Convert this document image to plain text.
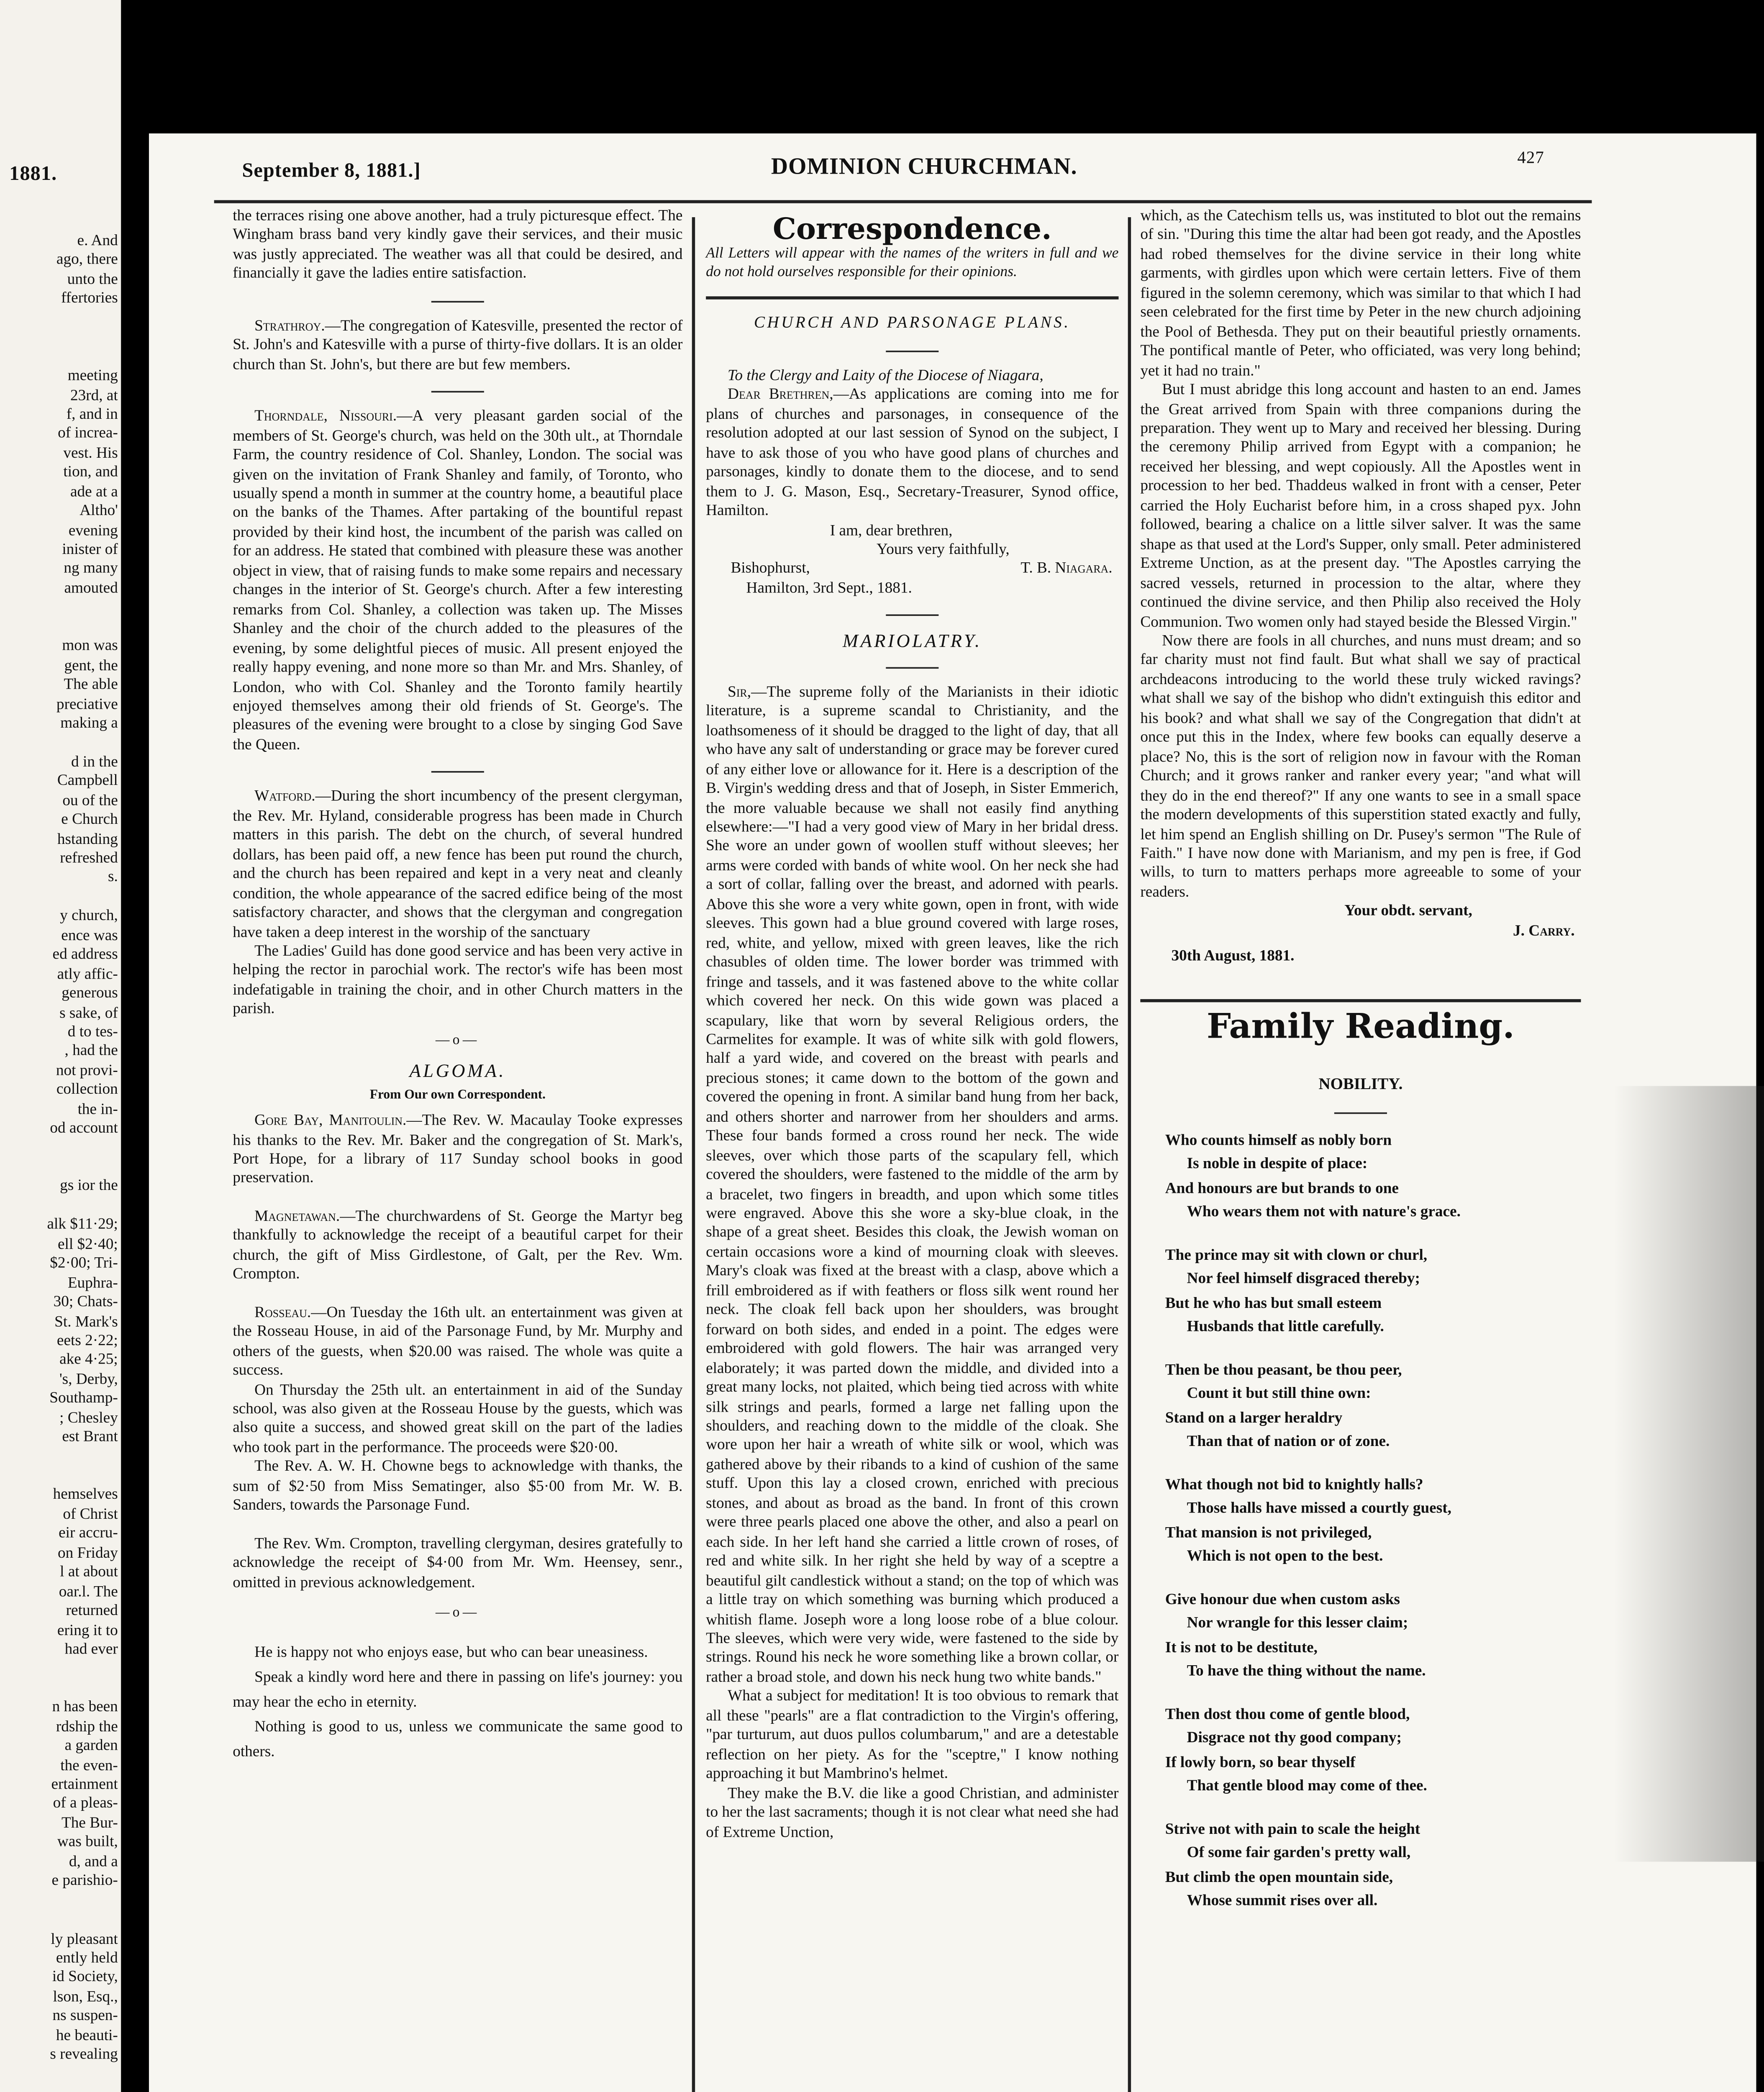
1881.
e. And
ago, there
unto the
ffertories
meeting
23rd, at
f, and in
of increa-
vest. His
tion, and
ade at a
Altho'
evening
inister of
ng many
amouted
mon was
gent, the
The able
preciative
making a
d in the
Campbell
ou of the
e Church
hstanding
refreshed
s.
y church,
ence was
ed address
atly affic-
generous
s sake, of
d to tes-
, had the
not provi-
collection
the in-
od account
gs ior the
alk $11·29;
ell $2·40;
$2·00; Tri-
Euphra-
30; Chats-
St. Mark's
eets 2·22;
ake 4·25;
's, Derby,
Southamp-
; Chesley
est Brant
hemselves
of Christ
eir accru-
on Friday
l at about
oar.l. The
returned
ering it to
had ever
n has been
rdship the
a garden
the even-
ertainment
of a pleas-
The Bur-
was built,
d, and a
e parishio-
ly pleasant
ently held
id Society,
lson, Esq.,
ns suspen-
he beauti-
s revealing
September 8, 1881.]	DOMINION CHURCHMAN.	427

the terraces rising one above another, had a truly picturesque effect. The Wingham brass band very kindly gave their services, and their music was justly appreciated. The weather was all that could be desired, and financially it gave the ladies entire satisfaction.

Strathroy.—The congregation of Katesville, presented the rector of St. John's and Katesville with a purse of thirty-five dollars. It is an older church than St. John's, but there are but few members.

Thorndale, Nissouri.—A very pleasant garden social of the members of St. George's church, was held on the 30th ult., at Thorndale Farm, the country residence of Col. Shanley, London. The social was given on the invitation of Frank Shanley and family, of Toronto, who usually spend a month in summer at the country home, a beautiful place on the banks of the Thames. After partaking of the bountiful repast provided by their kind host, the incumbent of the parish was called on for an address. He stated that combined with pleasure these was another object in view, that of raising funds to make some repairs and necessary changes in the interior of St. George's church. After a few interesting remarks from Col. Shanley, a collection was taken up. The Misses Shanley and the choir of the church added to the pleasures of the evening, by some delightful pieces of music. All present enjoyed the really happy evening, and none more so than Mr. and Mrs. Shanley, of London, who with Col. Shanley and the Toronto family heartily enjoyed themselves among their old friends of St. George's. The pleasures of the evening were brought to a close by singing God Save the Queen.

Watford.—During the short incumbency of the present clergyman, the Rev. Mr. Hyland, considerable progress has been made in Church matters in this parish. The debt on the church, of several hundred dollars, has been paid off, a new fence has been put round the church, and the church has been repaired and kept in a very neat and cleanly condition, the whole appearance of the sacred edifice being of the most satisfactory character, and shows that the clergyman and congregation have taken a deep interest in the worship of the sanctuary

The Ladies' Guild has done good service and has been very active in helping the rector in parochial work. The rector's wife has been most indefatigable in training the choir, and in other Church matters in the parish.

—o—
ALGOMA.
From Our own Correspondent.

Gore Bay, Manitoulin.—The Rev. W. Macaulay Tooke expresses his thanks to the Rev. Mr. Baker and the congregation of St. Mark's, Port Hope, for a library of 117 Sunday school books in good preservation.

Magnetawan.—The churchwardens of St. George the Martyr beg thankfully to acknowledge the receipt of a beautiful carpet for their church, the gift of Miss Girdlestone, of Galt, per the Rev. Wm. Crompton.

Rosseau.—On Tuesday the 16th ult. an entertainment was given at the Rosseau House, in aid of the Parsonage Fund, by Mr. Murphy and others of the guests, when $20.00 was raised. The whole was quite a success.

On Thursday the 25th ult. an entertainment in aid of the Sunday school, was also given at the Rosseau House by the guests, which was also quite a success, and showed great skill on the part of the ladies who took part in the performance. The proceeds were $20·00.

The Rev. A. W. H. Chowne begs to acknowledge with thanks, the sum of $2·50 from Miss Sematinger, also $5·00 from Mr. W. B. Sanders, towards the Parsonage Fund.

The Rev. Wm. Crompton, travelling clergyman, desires gratefully to acknowledge the receipt of $4·00 from Mr. Wm. Heensey, senr., omitted in previous acknowledgement.

—o—

He is happy not who enjoys ease, but who can bear uneasiness.

Speak a kindly word here and there in passing on life's journey: you may hear the echo in eternity.

Nothing is good to us, unless we communicate the same good to others.

Correspondence.

All Letters will appear with the names of the writers in full and we do not hold ourselves responsible for their opinions.

CHURCH AND PARSONAGE PLANS.

To the Clergy and Laity of the Diocese of Niagara,

Dear Brethren,—As applications are coming into me for plans of churches and parsonages, in consequence of the resolution adopted at our last session of Synod on the subject, I have to ask those of you who have good plans of churches and parsonages, kindly to donate them to the diocese, and to send them to J. G. Mason, Esq., Secretary-Treasurer, Synod office, Hamilton.

I am, dear brethren,
Yours very faithfully,
Bishophurst,	T. B. Niagara.
Hamilton, 3rd Sept., 1881.
MARIOLATRY.

Sir,—The supreme folly of the Marianists in their idiotic literature, is a supreme scandal to Christianity, and the loathsomeness of it should be dragged to the light of day, that all who have any salt of understanding or grace may be forever cured of any either love or allowance for it. Here is a description of the B. Virgin's wedding dress and that of Joseph, in Sister Emmerich, the more valuable because we shall not easily find anything elsewhere:—"I had a very good view of Mary in her bridal dress. She wore an under gown of woollen stuff without sleeves; her arms were corded with bands of white wool. On her neck she had a sort of collar, falling over the breast, and adorned with pearls. Above this she wore a very white gown, open in front, with wide sleeves. This gown had a blue ground covered with large roses, red, white, and yellow, mixed with green leaves, like the rich chasubles of olden time. The lower border was trimmed with fringe and tassels, and it was fastened above to the white collar which covered her neck. On this wide gown was placed a scapulary, like that worn by several Religious orders, the Carmelites for example. It was of white silk with gold flowers, half a yard wide, and covered on the breast with pearls and precious stones; it came down to the bottom of the gown and covered the opening in front. A similar band hung from her back, and others shorter and narrower from her shoulders and arms. These four bands formed a cross round her neck. The wide sleeves, over which those parts of the scapulary fell, which covered the shoulders, were fastened to the middle of the arm by a bracelet, two fingers in breadth, and upon which some titles were engraved. Above this she wore a sky-blue cloak, in the shape of a great sheet. Besides this cloak, the Jewish woman on certain occasions wore a kind of mourning cloak with sleeves. Mary's cloak was fixed at the breast with a clasp, above which a frill embroidered as if with feathers or floss silk went round her neck. The cloak fell back upon her shoulders, was brought forward on both sides, and ended in a point. The edges were embroidered with gold flowers. The hair was arranged very elaborately; it was parted down the middle, and divided into a great many locks, not plaited, which being tied across with white silk strings and pearls, formed a large net falling upon the shoulders, and reaching down to the middle of the cloak. She wore upon her hair a wreath of white silk or wool, which was gathered above by their ribands to a kind of cushion of the same stuff. Upon this lay a closed crown, enriched with precious stones, and about as broad as the band. In front of this crown were three pearls placed one above the other, and also a pearl on each side. In her left hand she carried a little crown of roses, of red and white silk. In her right she held by way of a sceptre a beautiful gilt candlestick without a stand; on the top of which was a little tray on which something was burning which produced a whitish flame. Joseph wore a long loose robe of a blue colour. The sleeves, which were very wide, were fastened to the side by strings. Round his neck he wore something like a brown collar, or rather a broad stole, and down his neck hung two white bands."

What a subject for meditation! It is too obvious to remark that all these "pearls" are a flat contradiction to the Virgin's offering, "par turturum, aut duos pullos columbarum," and are a detestable reflection on her piety. As for the "sceptre," I know nothing approaching it but Mambrino's helmet.

They make the B.V. die like a good Christian, and administer to her the last sacraments; though it is not clear what need she had of Extreme Unction,

which, as the Catechism tells us, was instituted to blot out the remains of sin. "During this time the altar had been got ready, and the Apostles had robed themselves for the divine service in their long white garments, with girdles upon which were certain letters. Five of them figured in the solemn ceremony, which was similar to that which I had seen celebrated for the first time by Peter in the new church adjoining the Pool of Bethesda. They put on their beautiful priestly ornaments. The pontifical mantle of Peter, who officiated, was very long behind; yet it had no train."

But I must abridge this long account and hasten to an end. James the Great arrived from Spain with three companions during the preparation. They went up to Mary and received her blessing. During the ceremony Philip arrived from Egypt with a companion; he received her blessing, and wept copiously. All the Apostles went in procession to her bed. Thaddeus walked in front with a censer, Peter carried the Holy Eucharist before him, in a cross shaped pyx. John followed, bearing a chalice on a little silver salver. It was the same shape as that used at the Lord's Supper, only small. Peter administered Extreme Unction, as at the present day. "The Apostles carrying the sacred vessels, returned in procession to the altar, where they continued the divine service, and then Philip also received the Holy Communion. Two women only had stayed beside the Blessed Virgin."

Now there are fools in all churches, and nuns must dream; and so far charity must not find fault. But what shall we say of practical archdeacons introducing to the world these truly wicked ravings? what shall we say of the bishop who didn't extinguish this editor and his book? and what shall we say of the Congregation that didn't at once put this in the Index, where few books can equally deserve a place? No, this is the sort of religion now in favour with the Roman Church; and it grows ranker and ranker every year; "and what will they do in the end thereof?" If any one wants to see in a small space the modern developments of this superstition stated exactly and fully, let him spend an English shilling on Dr. Pusey's sermon "The Rule of Faith." I have now done with Marianism, and my pen is free, if God wills, to turn to matters perhaps more agreeable to some of your readers.

Your obdt. servant,
J. Carry.
30th August, 1881.
Family Reading.
NOBILITY.
Who counts himself as nobly born
Is noble in despite of place:
And honours are but brands to one
Who wears them not with nature's grace.
The prince may sit with clown or churl,
Nor feel himself disgraced thereby;
But he who has but small esteem
Husbands that little carefully.
Then be thou peasant, be thou peer,
Count it but still thine own:
Stand on a larger heraldry
Than that of nation or of zone.
What though not bid to knightly halls?
Those halls have missed a courtly guest,
That mansion is not privileged,
Which is not open to the best.
Give honour due when custom asks
Nor wrangle for this lesser claim;
It is not to be destitute,
To have the thing without the name.
Then dost thou come of gentle blood,
Disgrace not thy good company;
If lowly born, so bear thyself
That gentle blood may come of thee.
Strive not with pain to scale the height
Of some fair garden's pretty wall,
But climb the open mountain side,
Whose summit rises over all.
